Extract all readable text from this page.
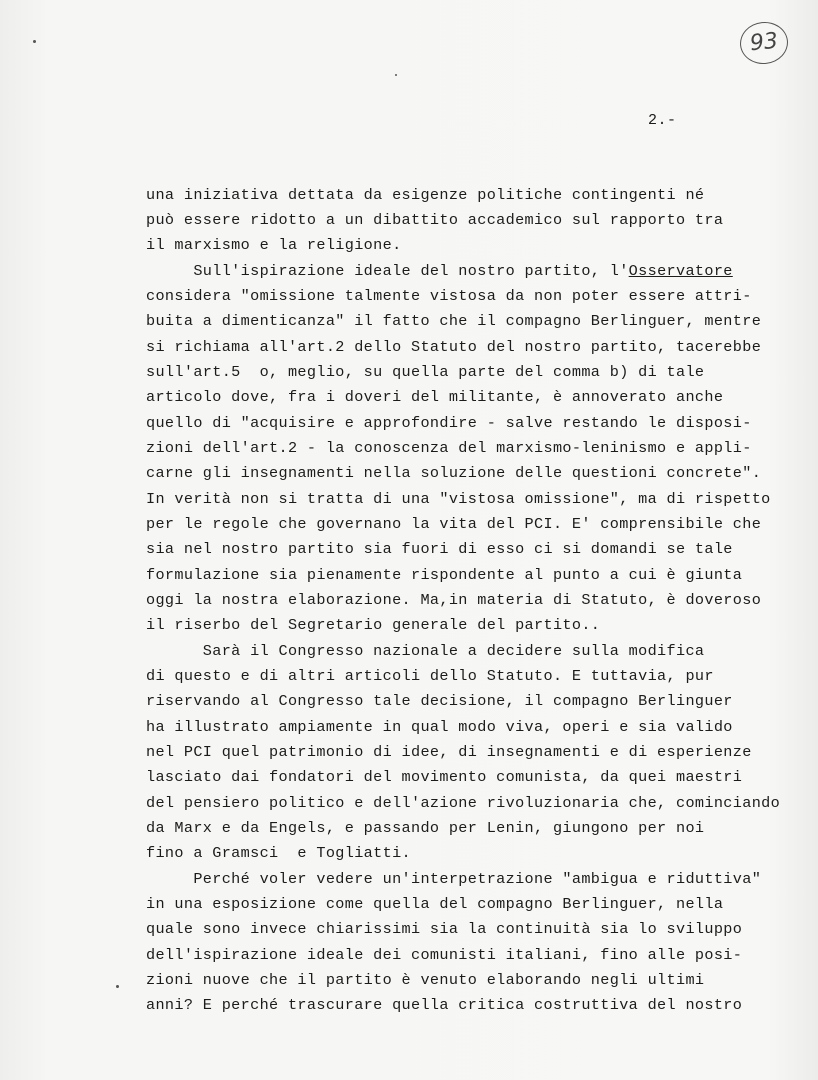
93
2.-
una iniziativa dettata da esigenze politiche contingenti né
può essere ridotto a un dibattito accademico sul rapporto tra
il marxismo e la religione.
Sull'ispirazione ideale del nostro partito, l'Osservatore
considera "omissione talmente vistosa da non poter essere attri-
buita a dimenticanza" il fatto che il compagno Berlinguer, mentre
si richiama all'art.2 dello Statuto del nostro partito, tacerebbe
sull'art.5  o, meglio, su quella parte del comma b) di tale
articolo dove, fra i doveri del militante, è annoverato anche
quello di "acquisire e approfondire - salve restando le disposi-
zioni dell'art.2 - la conoscenza del marxismo-leninismo e appli-
carne gli insegnamenti nella soluzione delle questioni concrete".
In verità non si tratta di una "vistosa omissione", ma di rispetto
per le regole che governano la vita del PCI. E' comprensibile che
sia nel nostro partito sia fuori di esso ci si domandi se tale
formulazione sia pienamente rispondente al punto a cui è giunta
oggi la nostra elaborazione. Ma,in materia di Statuto, è doveroso
il riserbo del Segretario generale del partito..
Sarà il Congresso nazionale a decidere sulla modifica
di questo e di altri articoli dello Statuto. E tuttavia, pur
riservando al Congresso tale decisione, il compagno Berlinguer
ha illustrato ampiamente in qual modo viva, operi e sia valido
nel PCI quel patrimonio di idee, di insegnamenti e di esperienze
lasciato dai fondatori del movimento comunista, da quei maestri
del pensiero politico e dell'azione rivoluzionaria che, cominciando
da Marx e da Engels, e passando per Lenin, giungono per noi
fino a Gramsci  e Togliatti.
Perché voler vedere un'interpetrazione "ambigua e riduttiva"
in una esposizione come quella del compagno Berlinguer, nella
quale sono invece chiarissimi sia la continuità sia lo sviluppo
dell'ispirazione ideale dei comunisti italiani, fino alle posi-
zioni nuove che il partito è venuto elaborando negli ultimi
anni? E perché trascurare quella critica costruttiva del nostro
